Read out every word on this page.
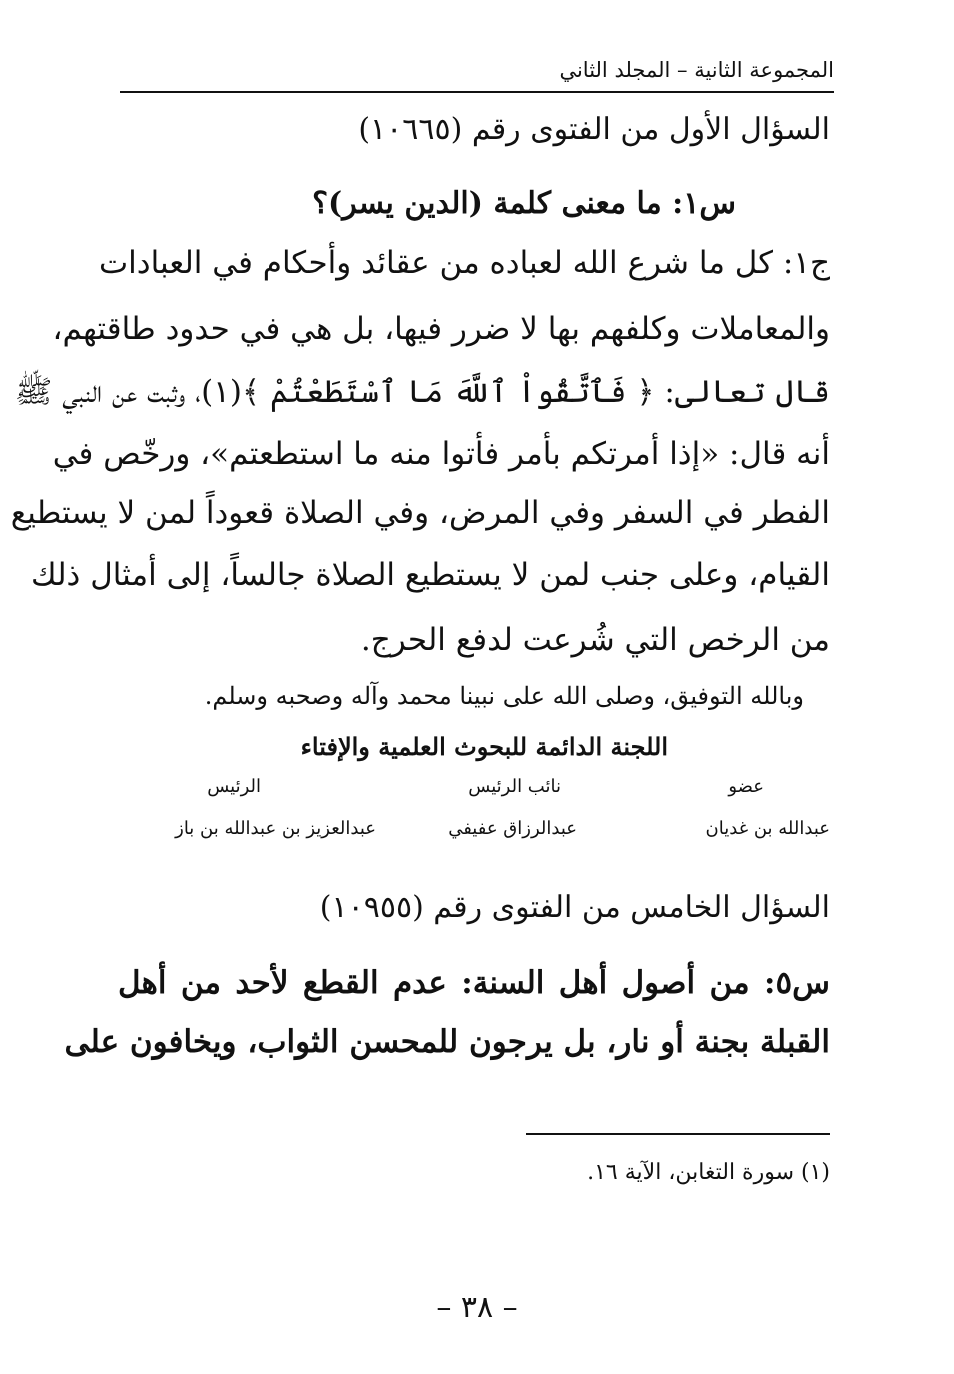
المجموعة الثانية – المجلد الثاني
السؤال الأول من الفتوى رقم (١٠٦٦٥)
س١: ما معنى كلمة (الدين يسر)؟
ج١: كل ما شرع الله لعباده من عقائد وأحكام في العبادات
والمعاملات وكلفهم بها لا ضرر فيها، بل هي في حدود طاقتهم،
قال تعالى: ﴿ فَٱتَّقُواْ ٱللَّهَ مَا ٱسْتَطَعْتُمْ ﴾(١)، وثبت عن النبي ﷺ
أنه قال: «إذا أمرتكم بأمر فأتوا منه ما استطعتم»، ورخّص في
الفطر في السفر وفي المرض، وفي الصلاة قعوداً لمن لا يستطيع
القيام، وعلى جنب لمن لا يستطيع الصلاة جالساً، إلى أمثال ذلك
من الرخص التي شُرعت لدفع الحرج.
وبالله التوفيق، وصلى الله على نبينا محمد وآله وصحبه وسلم.
اللجنة الدائمة للبحوث العلمية والإفتاء
الرئيس	نائب الرئيس	عضو
عبدالعزيز بن عبدالله بن باز	عبدالرزاق عفيفي	عبدالله بن غديان
السؤال الخامس من الفتوى رقم (١٠٩٥٥)
س٥: من أصول أهل السنة: عدم القطع لأحد من أهل
القبلة بجنة أو نار، بل يرجون للمحسن الثواب، ويخافون على
(١) سورة التغابن، الآية ١٦.
– ٣٨ –
